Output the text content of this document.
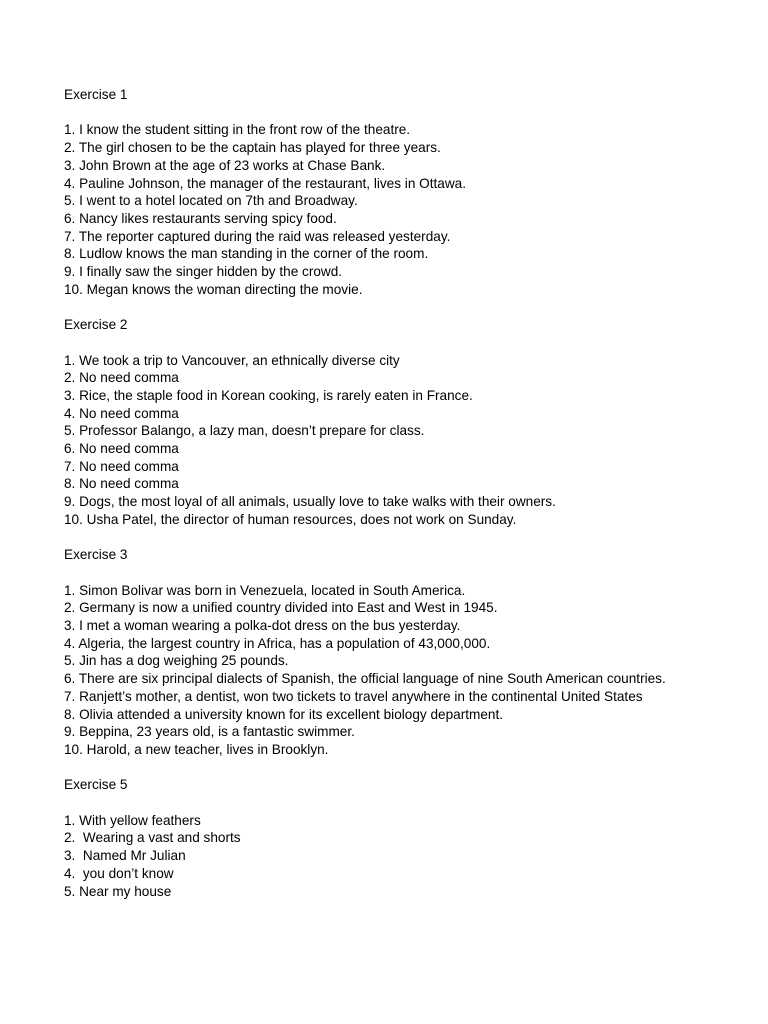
Exercise 1
1. I know the student sitting in the front row of the theatre.
2. The girl chosen to be the captain has played for three years.
3. John Brown at the age of 23 works at Chase Bank.
4. Pauline Johnson, the manager of the restaurant, lives in Ottawa.
5. I went to a hotel located on 7th and Broadway.
6. Nancy likes restaurants serving spicy food.
7. The reporter captured during the raid was released yesterday.
8. Ludlow knows the man standing in the corner of the room.
9. I finally saw the singer hidden by the crowd.
10. Megan knows the woman directing the movie.
Exercise 2
1. We took a trip to Vancouver, an ethnically diverse city
2. No need comma
3. Rice, the staple food in Korean cooking, is rarely eaten in France.
4. No need comma
5. Professor Balango, a lazy man, doesn’t prepare for class.
6. No need comma
7. No need comma
8. No need comma
9. Dogs, the most loyal of all animals, usually love to take walks with their owners.
10. Usha Patel, the director of human resources, does not work on Sunday.
Exercise 3
1. Simon Bolivar was born in Venezuela, located in South America.
2. Germany is now a unified country divided into East and West in 1945.
3. I met a woman wearing a polka-dot dress on the bus yesterday.
4. Algeria, the largest country in Africa, has a population of 43,000,000.
5. Jin has a dog weighing 25 pounds.
6. There are six principal dialects of Spanish, the official language of nine South American countries.
7. Ranjett’s mother, a dentist, won two tickets to travel anywhere in the continental United States
8. Olivia attended a university known for its excellent biology department.
9. Beppina, 23 years old, is a fantastic swimmer.
10. Harold, a new teacher, lives in Brooklyn.
Exercise 5
1. With yellow feathers
2.  Wearing a vast and shorts
3.  Named Mr Julian
4.  you don’t know
5. Near my house
